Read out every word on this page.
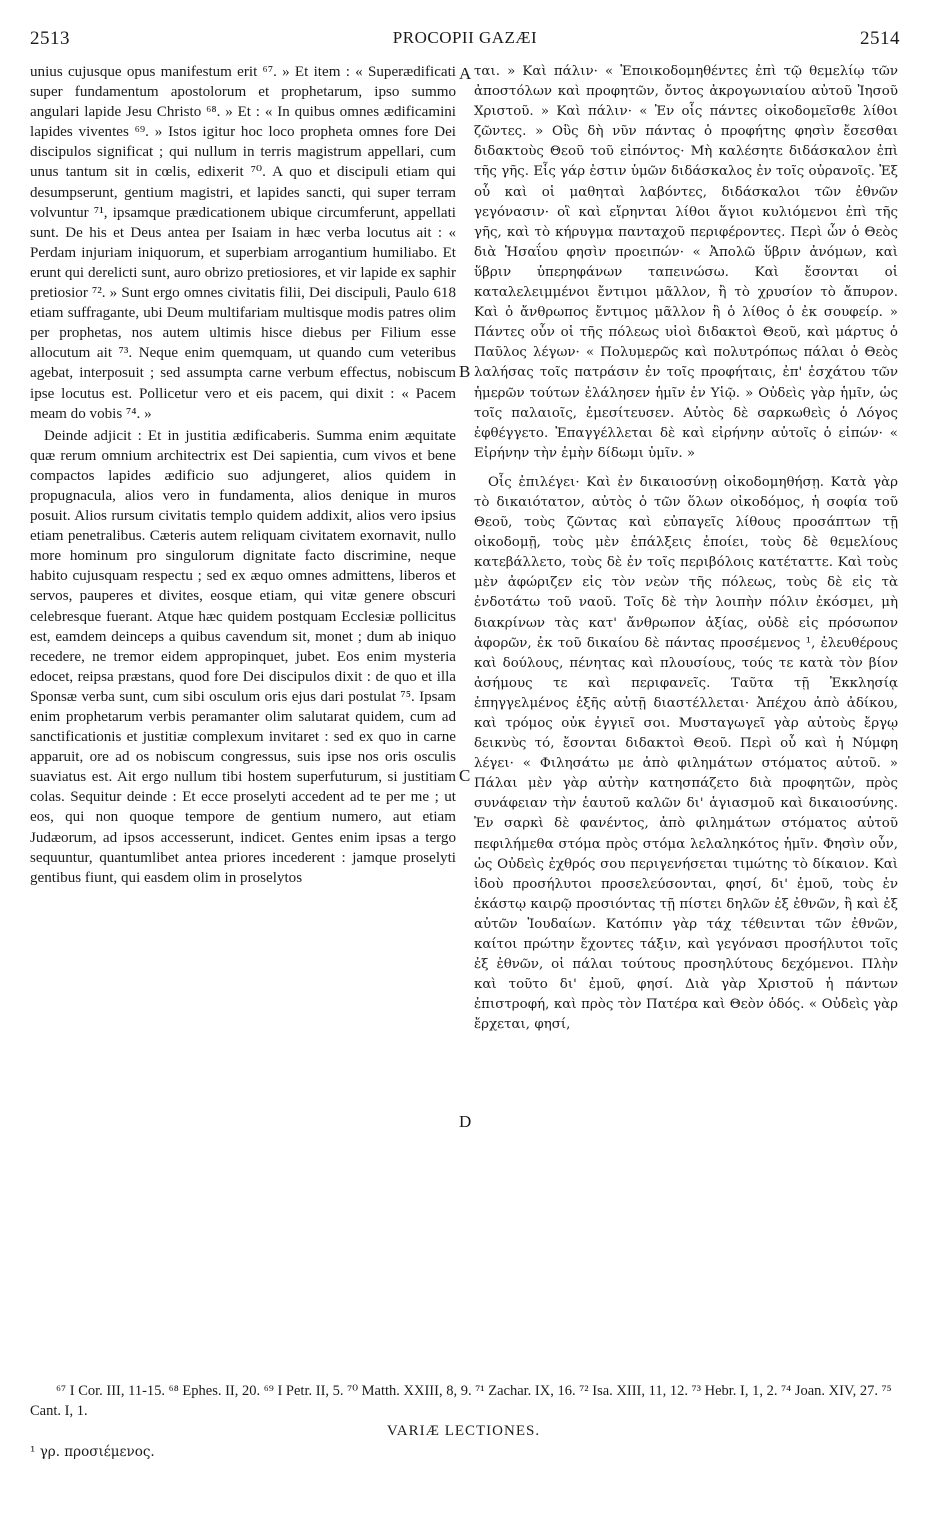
2513	PROCOPII GAZÆI	2514

unius cujusque opus manifestum erit ⁶⁷. » Et item : « Superædificati super fundamentum apostolorum et prophetarum, ipso summo angulari lapide Jesu Christo ⁶⁸. » Et : « In quibus omnes ædificamini lapides viventes ⁶⁹. » Istos igitur hoc loco propheta omnes fore Dei discipulos significat ; qui nullum in terris magistrum appellari, cum unus tantum sit in cœlis, edixerit ⁷⁰. A quo et discipuli etiam qui desumpserunt, gentium magistri, et lapides sancti, qui super terram volvuntur ⁷¹, ipsamque prædicationem ubique circumferunt, appellati sunt. De his et Deus antea per Isaiam in hæc verba locutus ait : « Perdam injuriam iniquorum, et superbiam arrogantium humiliabo. Et erunt qui derelicti sunt, auro obrizo pretiosiores, et vir lapide ex saphir pretiosior ⁷². » Sunt ergo omnes civitatis filii, Dei discipuli, Paulo 618 etiam suffragante, ubi Deum multifariam multisque modis patres olim per prophetas, nos autem ultimis hisce diebus per Filium esse allocutum ait ⁷³. Neque enim quemquam, ut quando cum veteribus agebat, interposuit ; sed assumpta carne verbum effectus, nobiscum ipse locutus est. Pollicetur vero et eis pacem, qui dixit : « Pacem meam do vobis ⁷⁴. »

Deinde adjicit : Et in justitia ædificaberis. Summa enim æquitate quæ rerum omnium architectrix est Dei sapientia, cum vivos et bene compactos lapides ædificio suo adjungeret, alios quidem in propugnacula, alios vero in fundamenta, alios denique in muros posuit. Alios rursum civitatis templo quidem addixit, alios vero ipsius etiam penetralibus. Cæteris autem reliquam civitatem exornavit, nullo more hominum pro singulorum dignitate facto discrimine, neque habito cujusquam respectu ; sed ex æquo omnes admittens, liberos et servos, pauperes et divites, eosque etiam, qui vitæ genere obscuri celebresque fuerant. Atque hæc quidem postquam Ecclesiæ pollicitus est, eamdem deinceps a quibus cavendum sit, monet ; dum ab iniquo recedere, ne tremor eidem appropinquet, jubet. Eos enim mysteria edocet, reipsa præstans, quod fore Dei discipulos dixit : de quo et illa Sponsæ verba sunt, cum sibi osculum oris ejus dari postulat ⁷⁵. Ipsam enim prophetarum verbis peramanter olim salutarat quidem, cum ad sanctificationis et justitiæ complexum invitaret : sed ex quo in carne apparuit, ore ad os nobiscum congressus, suis ipse nos oris osculis suaviatus est. Ait ergo nullum tibi hostem superfuturum, si justitiam colas. Sequitur deinde : Et ecce proselyti accedent ad te per me ; ut eos, qui non quoque tempore de gentium numero, aut etiam Judæorum, ad ipsos accesserunt, indicet. Gentes enim ipsas a tergo sequuntur, quantumlibet antea priores incederent : jamque proselyti gentibus fiunt, qui easdem olim in proselytos

ται. » Καὶ πάλιν· « Ἐποικοδομηθέντες ἐπὶ τῷ θεμελίῳ τῶν ἀποστόλων καὶ προφητῶν, ὄντος ἀκρογωνιαίου αὐτοῦ Ἰησοῦ Χριστοῦ. » Καὶ πάλιν· « Ἐν οἷς πάντες οἰκοδομεῖσθε λίθοι ζῶντες. » Οὓς δὴ νῦν πάντας ὁ προφήτης φησὶν ἔσεσθαι διδακτοὺς Θεοῦ τοῦ εἰπόντος· Μὴ καλέσητε διδάσκαλον ἐπὶ τῆς γῆς. Εἷς γάρ ἐστιν ὑμῶν διδάσκαλος ἐν τοῖς οὐρανοῖς. Ἐξ οὗ καὶ οἱ μαθηταὶ λαβόντες, διδάσκαλοι τῶν ἐθνῶν γεγόνασιν· οἳ καὶ εἴρηνται λίθοι ἅγιοι κυλιόμενοι ἐπὶ τῆς γῆς, καὶ τὸ κήρυγμα πανταχοῦ περιφέροντες. Περὶ ὧν ὁ Θεὸς διὰ Ἡσαΐου φησὶν προειπών· « Ἀπολῶ ὕβριν ἀνόμων, καὶ ὕβριν ὑπερηφάνων ταπεινώσω. Καὶ ἔσονται οἱ καταλελειμμένοι ἔντιμοι μᾶλλον, ἢ τὸ χρυσίον τὸ ἄπυρον. Καὶ ὁ ἄνθρωπος ἔντιμος μᾶλλον ἢ ὁ λίθος ὁ ἐκ σουφείρ. » Πάντες οὖν οἱ τῆς πόλεως υἱοὶ διδακτοὶ Θεοῦ, καὶ μάρτυς ὁ Παῦλος λέγων· « Πολυμερῶς καὶ πολυτρόπως πάλαι ὁ Θεὸς λαλήσας τοῖς πατράσιν ἐν τοῖς προφήταις, ἐπ' ἐσχάτου τῶν ἡμερῶν τούτων ἐλάλησεν ἡμῖν ἐν Υἱῷ. » Οὐδεὶς γὰρ ἡμῖν, ὡς τοῖς παλαιοῖς, ἐμεσίτευσεν. Αὐτὸς δὲ σαρκωθεὶς ὁ Λόγος ἐφθέγγετο. Ἐπαγγέλλεται δὲ καὶ εἰρήνην αὐτοῖς ὁ εἰπών· « Εἰρήνην τὴν ἐμὴν δίδωμι ὑμῖν. »

Οἷς ἐπιλέγει· Καὶ ἐν δικαιοσύνῃ οἰκοδομηθήσῃ. Κατὰ γὰρ τὸ δικαιότατον, αὐτὸς ὁ τῶν ὅλων οἰκοδόμος, ἡ σοφία τοῦ Θεοῦ, τοὺς ζῶντας καὶ εὐπαγεῖς λίθους προσάπτων τῇ οἰκοδομῇ, τοὺς μὲν ἐπάλξεις ἐποίει, τοὺς δὲ θεμελίους κατεβάλλετο, τοὺς δὲ ἐν τοῖς περιβόλοις κατέταττε. Καὶ τοὺς μὲν ἀφώριζεν εἰς τὸν νεὼν τῆς πόλεως, τοὺς δὲ εἰς τὰ ἐνδοτάτω τοῦ ναοῦ. Τοῖς δὲ τὴν λοιπὴν πόλιν ἐκόσμει, μὴ διακρίνων τὰς κατ' ἄνθρωπον ἀξίας, οὐδὲ εἰς πρόσωπον ἀφορῶν, ἐκ τοῦ δικαίου δὲ πάντας προσέμενος ¹, ἐλευθέρους καὶ δούλους, πένητας καὶ πλουσίους, τούς τε κατὰ τὸν βίον ἀσήμους τε καὶ περιφανεῖς. Ταῦτα τῇ Ἐκκλησίᾳ ἐπηγγελμένος ἑξῆς αὐτῇ διαστέλλεται· Ἀπέχου ἀπὸ ἀδίκου, καὶ τρόμος οὐκ ἐγγιεῖ σοι. Μυσταγωγεῖ γὰρ αὐτοὺς ἔργῳ δεικνὺς τό, ἔσονται διδακτοὶ Θεοῦ. Περὶ οὗ καὶ ἡ Νύμφη λέγει· « Φιλησάτω με ἀπὸ φιλημάτων στόματος αὐτοῦ. » Πάλαι μὲν γὰρ αὐτὴν κατησπάζετο διὰ προφητῶν, πρὸς συνάφειαν τὴν ἑαυτοῦ καλῶν δι' ἁγιασμοῦ καὶ δικαιοσύνης. Ἐν σαρκὶ δὲ φανέντος, ἀπὸ φιλημάτων στόματος αὐτοῦ πεφιλήμεθα στόμα πρὸς στόμα λελαληκότος ἡμῖν. Φησὶν οὖν, ὡς Οὐδεὶς ἐχθρός σου περιγενήσεται τιμώτης τὸ δίκαιον. Καὶ ἰδοὺ προσήλυτοι προσελεύσονται, φησί, δι' ἐμοῦ, τοὺς ἐν ἑκάστῳ καιρῷ προσιόντας τῇ πίστει δηλῶν ἐξ ἐθνῶν, ἢ καὶ ἐξ αὐτῶν Ἰουδαίων. Κατόπιν γὰρ τάχ τέθεινται τῶν ἐθνῶν, καίτοι πρώτην ἔχοντες τάξιν, καὶ γεγόνασι προσήλυτοι τοῖς ἐξ ἐθνῶν, οἱ πάλαι τούτους προσηλύτους δεχόμενοι. Πλὴν καὶ τοῦτο δι' ἐμοῦ, φησί. Διὰ γὰρ Χριστοῦ ἡ πάντων ἐπιστροφή, καὶ πρὸς τὸν Πατέρα καὶ Θεὸν ὁδός. « Οὐδεὶς γὰρ ἔρχεται, φησί,

A
B
C
D

⁶⁷ I Cor. III, 11-15. ⁶⁸ Ephes. II, 20. ⁶⁹ I Petr. II, 5. ⁷⁰ Matth. XXIII, 8, 9. ⁷¹ Zachar. IX, 16. ⁷² Isa. XIII, 11, 12. ⁷³ Hebr. I, 1, 2. ⁷⁴ Joan. XIV, 27. ⁷⁵ Cant. I, 1.

VARIÆ LECTIONES.
¹ γρ. προσιέμενος.
